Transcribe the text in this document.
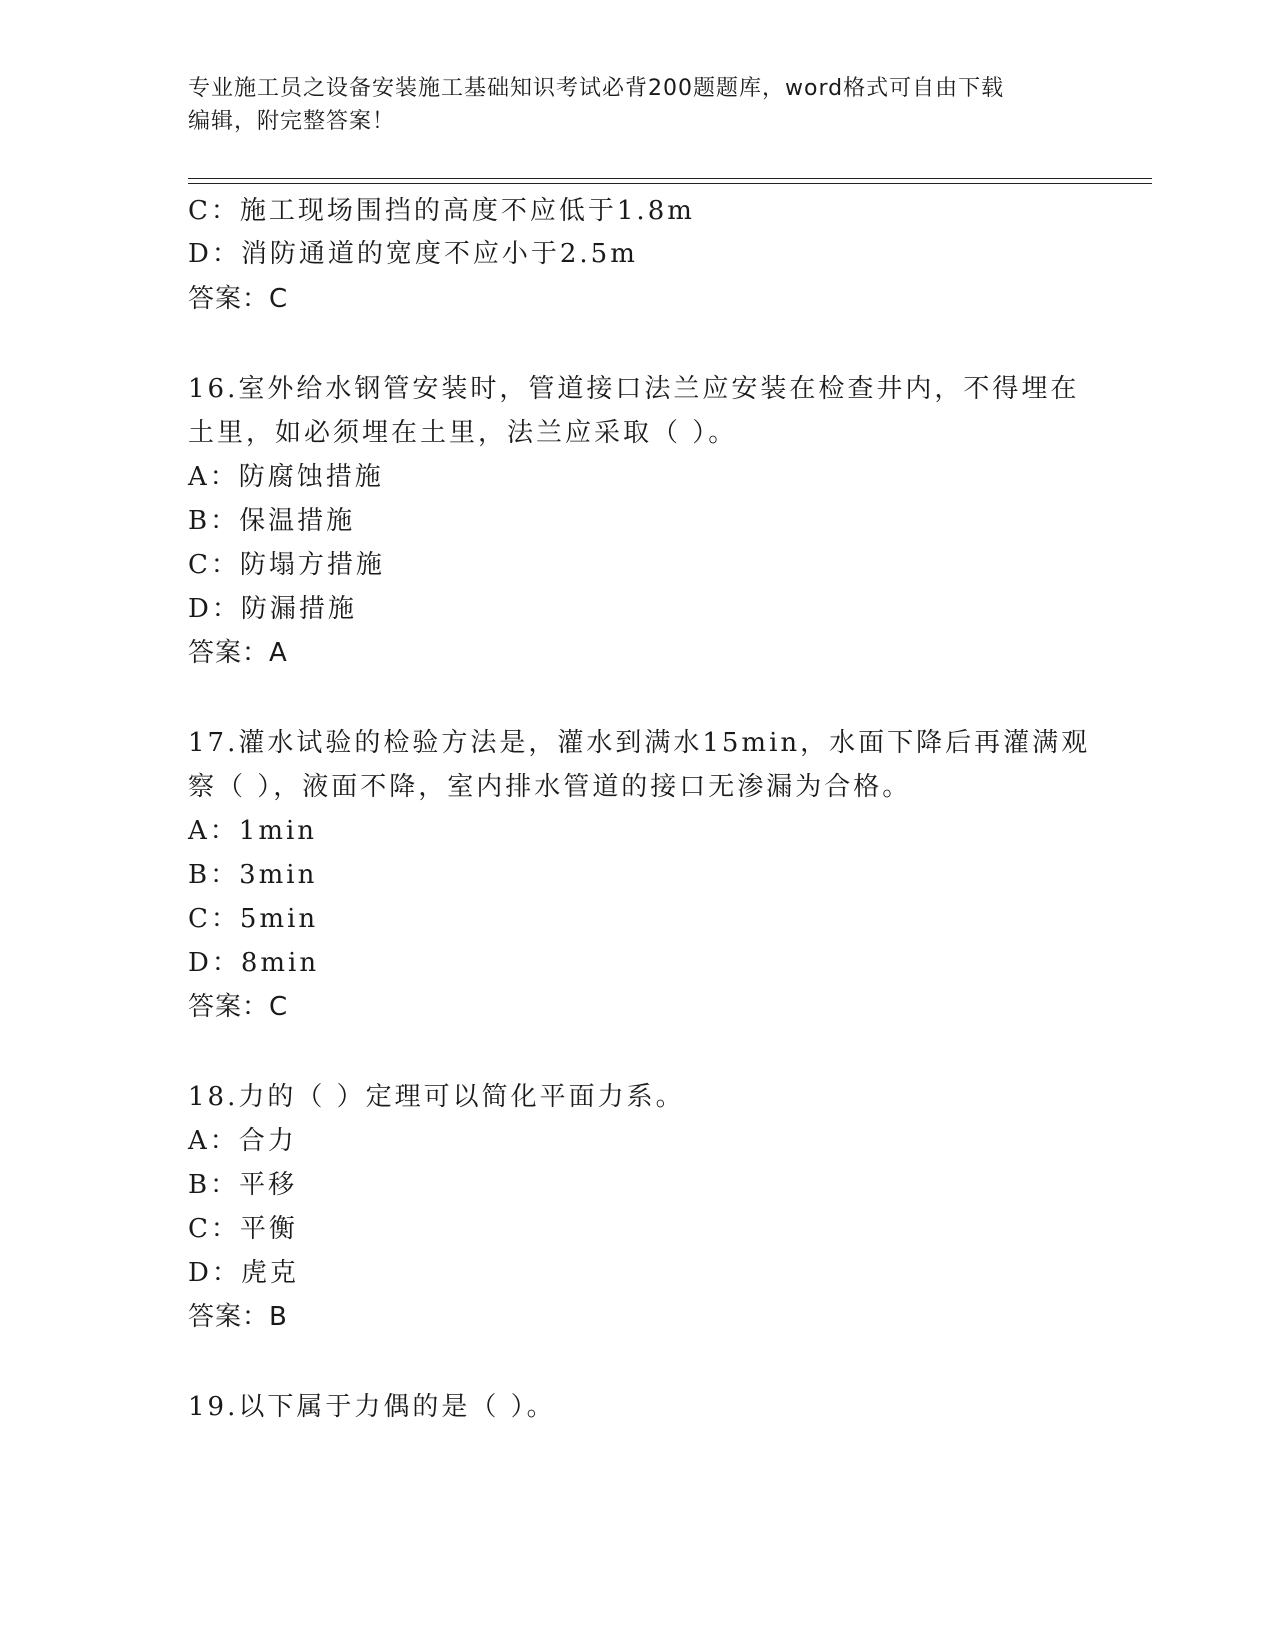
专业施工员之设备安装施工基础知识考试必背200题题库，word格式可自由下载
编辑，附完整答案！
C：施工现场围挡的高度不应低于1.8m
D：消防通道的宽度不应小于2.5m
答案：C
16.室外给水钢管安装时，管道接口法兰应安装在检查井内，不得埋在
土里，如必须埋在土里，法兰应采取（ ）。
A：防腐蚀措施
B：保温措施
C：防塌方措施
D：防漏措施
答案：A
17.灌水试验的检验方法是，灌水到满水15min，水面下降后再灌满观
察（ ），液面不降，室内排水管道的接口无渗漏为合格。
A：1min
B：3min
C：5min
D：8min
答案：C
18.力的（ ）定理可以简化平面力系。
A：合力
B：平移
C：平衡
D：虎克
答案：B
19.以下属于力偶的是（ ）。
